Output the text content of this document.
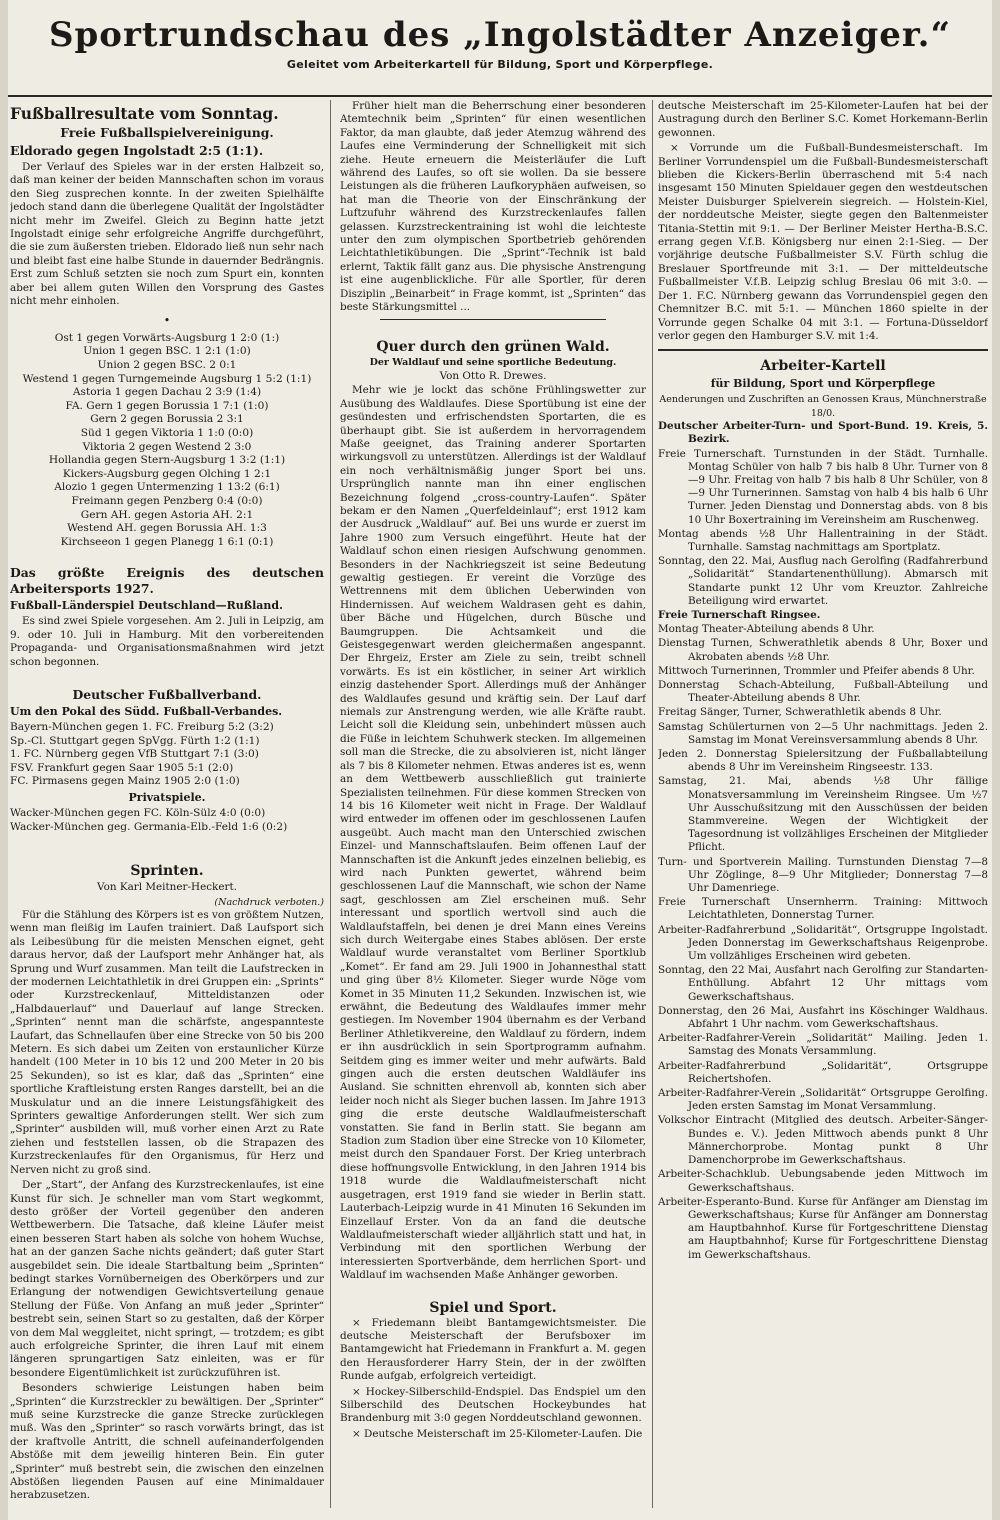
Sportrundschau des „Ingolstädter Anzeiger.“
Geleitet vom Arbeiterkartell für Bildung, Sport und Körperpflege.
Fußballresultate vom Sonntag.
Freie Fußballspielvereinigung.
Eldorado gegen Ingolstadt 2:5 (1:1).

Der Verlauf des Spieles war in der ersten Halbzeit so, daß man keiner der beiden Mannschaften schon im voraus den Sieg zusprechen konnte. In der zweiten Spielhälfte jedoch stand dann die überlegene Qualität der Ingolstädter nicht mehr im Zweifel. Gleich zu Beginn hatte jetzt Ingolstadt einige sehr erfolgreiche Angriffe durchgeführt, die sie zum äußersten trieben. Eldorado ließ nun sehr nach und bleibt fast eine halbe Stunde in dauernder Bedrängnis. Erst zum Schluß setzten sie noch zum Spurt ein, konnten aber bei allem guten Willen den Vorsprung des Gastes nicht mehr einholen.

•

Ost 1 gegen Vorwärts-Augsburg 1 2:0 (1:)

Union 1 gegen BSC. 1 2:1 (1:0)

Union 2 gegen BSC. 2 0:1

Westend 1 gegen Turngemeinde Augsburg 1 5:2 (1:1)

Astoria 1 gegen Dachau 2 3:9 (1:4)

FA. Gern 1 gegen Borussia 1 7:1 (1:0)

Gern 2 gegen Borussia 2 3:1

Süd 1 gegen Viktoria 1 1:0 (0:0)

Viktoria 2 gegen Westend 2 3:0

Hollandia gegen Stern-Augsburg 1 3:2 (1:1)

Kickers-Augsburg gegen Olching 1 2:1

Alozio 1 gegen Untermenzing 1 13:2 (6:1)

Freimann gegen Penzberg 0:4 (0:0)

Gern AH. gegen Astoria AH. 2:1

Westend AH. gegen Borussia AH. 1:3

Kirchseeon 1 gegen Planegg 1 6:1 (0:1)

Das größte Ereignis des deutschen Arbeitersports 1927.
Fußball-Länderspiel Deutschland—Rußland.

Es sind zwei Spiele vorgesehen. Am 2. Juli in Leipzig, am 9. oder 10. Juli in Hamburg. Mit den vorbereitenden Propaganda- und Organisationsmaßnahmen wird jetzt schon begonnen.

Deutscher Fußballverband.
Um den Pokal des Südd. Fußball-Verbandes.

Bayern-München gegen 1. FC. Freiburg 5:2 (3:2)

Sp.-Cl. Stuttgart gegen SpVgg. Fürth 1:2 (1:1)

1. FC. Nürnberg gegen VfB Stuttgart 7:1 (3:0)

FSV. Frankfurt gegen Saar 1905 5:1 (2:0)

FC. Pirmasens gegen Mainz 1905 2:0 (1:0)

Privatspiele.

Wacker-München gegen FC. Köln-Sülz 4:0 (0:0)

Wacker-München geg. Germania-Elb.-Feld 1:6 (0:2)

Sprinten.
Von Karl Meitner-Heckert.
(Nachdruck verboten.)

Für die Stählung des Körpers ist es von größtem Nutzen, wenn man fleißig im Laufen trainiert. Daß Laufsport sich als Leibesübung für die meisten Menschen eignet, geht daraus hervor, daß der Laufsport mehr Anhänger hat, als Sprung und Wurf zusammen. Man teilt die Laufstrecken in der modernen Leichtathletik in drei Gruppen ein: „Sprints“ oder Kurzstreckenlauf, Mitteldistanzen oder „Halbdauerlauf“ und Dauerlauf auf lange Strecken. „Sprinten“ nennt man die schärfste, angespannteste Laufart, das Schnellaufen über eine Strecke von 50 bis 200 Metern. Es sich dabei um Zeiten von erstaunlicher Kürze handelt (100 Meter in 10 bis 12 und 200 Meter in 20 bis 25 Sekunden), so ist es klar, daß das „Sprinten“ eine sportliche Kraftleistung ersten Ranges darstellt, bei an die Muskulatur und an die innere Leistungsfähigkeit des Sprinters gewaltige Anforderungen stellt. Wer sich zum „Sprinter“ ausbilden will, muß vorher einen Arzt zu Rate ziehen und feststellen lassen, ob die Strapazen des Kurzstreckenlaufes für den Organismus, für Herz und Nerven nicht zu groß sind.

Der „Start“, der Anfang des Kurzstreckenlaufes, ist eine Kunst für sich. Je schneller man vom Start wegkommt, desto größer der Vorteil gegenüber den anderen Wettbewerbern. Die Tatsache, daß kleine Läufer meist einen besseren Start haben als solche von hohem Wuchse, hat an der ganzen Sache nichts geändert; daß guter Start ausgebildet sein. Die ideale Startbaltung beim „Sprinten“ bedingt starkes Vornüberneigen des Oberkörpers und zur Erlangung der notwendigen Gewichtsverteilung genaue Stellung der Füße. Von Anfang an muß jeder „Sprinter“ bestrebt sein, seinen Start so zu gestalten, daß der Körper von dem Mal weggleitet, nicht springt, — trotzdem; es gibt auch erfolgreiche Sprinter, die ihren Lauf mit einem längeren sprungartigen Satz einleiten, was er für besondere Eigentümlichkeit ist zurückzuführen ist.

Besonders schwierige Leistungen haben beim „Sprinten“ die Kurzstreckler zu bewältigen. Der „Sprinter“ muß seine Kurzstrecke die ganze Strecke zurücklegen muß. Was den „Sprinter“ so rasch vorwärts bringt, das ist der kraftvolle Antritt, die schnell aufeinanderfolgenden Abstöße mit dem jeweilig hinteren Bein. Ein guter „Sprinter“ muß bestrebt sein, die zwischen den einzelnen Abstößen liegenden Pausen auf eine Minimaldauer herabzusetzen.

Früher hielt man die Beherrschung einer besonderen Atemtechnik beim „Sprinten“ für einen wesentlichen Faktor, da man glaubte, daß jeder Atemzug während des Laufes eine Verminderung der Schnelligkeit mit sich ziehe. Heute erneuern die Meisterläufer die Luft während des Laufes, so oft sie wollen. Da sie bessere Leistungen als die früheren Laufkoryphäen aufweisen, so hat man die Theorie von der Einschränkung der Luftzufuhr während des Kurzstreckenlaufes fallen gelassen. Kurzstreckentraining ist wohl die leichteste unter den zum olympischen Sportbetrieb gehörenden Leichtathletikübungen. Die „Sprint“-Technik ist bald erlernt, Taktik fällt ganz aus. Die physische Anstrengung ist eine augenblickliche. Für alle Sportler, für deren Disziplin „Beinarbeit“ in Frage kommt, ist „Sprinten“ das beste Stärkungsmittel ...

Quer durch den grünen Wald.
Der Waldlauf und seine sportliche Bedeutung.
Von Otto R. Drewes.

Mehr wie je lockt das schöne Frühlingswetter zur Ausübung des Waldlaufes. Diese Sportübung ist eine der gesündesten und erfrischendsten Sportarten, die es überhaupt gibt. Sie ist außerdem in hervorragendem Maße geeignet, das Training anderer Sportarten wirkungsvoll zu unterstützen. Allerdings ist der Waldlauf ein noch verhältnismäßig junger Sport bei uns. Ursprünglich nannte man ihn einer englischen Bezeichnung folgend „cross-country-Laufen“. Später bekam er den Namen „Querfeldeinlauf“; erst 1912 kam der Ausdruck „Waldlauf“ auf. Bei uns wurde er zuerst im Jahre 1900 zum Versuch eingeführt. Heute hat der Waldlauf schon einen riesigen Aufschwung genommen. Besonders in der Nachkriegszeit ist seine Bedeutung gewaltig gestiegen. Er vereint die Vorzüge des Wettrennens mit dem üblichen Ueberwinden von Hindernissen. Auf weichem Waldrasen geht es dahin, über Bäche und Hügelchen, durch Büsche und Baumgruppen. Die Achtsamkeit und die Geistesgegenwart werden gleichermaßen angespannt. Der Ehrgeiz, Erster am Ziele zu sein, treibt schnell vorwärts. Es ist ein köstlicher, in seiner Art wirklich einzig dastehender Sport. Allerdings muß der Anhänger des Waldlaufes gesund und kräftig sein. Der Lauf darf niemals zur Anstrengung werden, wie alle Kräfte raubt. Leicht soll die Kleidung sein, unbehindert müssen auch die Füße in leichtem Schuhwerk stecken. Im allgemeinen soll man die Strecke, die zu absolvieren ist, nicht länger als 7 bis 8 Kilometer nehmen. Etwas anderes ist es, wenn an dem Wettbewerb ausschließlich gut trainierte Spezialisten teilnehmen. Für diese kommen Strecken von 14 bis 16 Kilometer weit nicht in Frage. Der Waldlauf wird entweder im offenen oder im geschlossenen Laufen ausgeübt. Auch macht man den Unterschied zwischen Einzel- und Mannschaftslaufen. Beim offenen Lauf der Mannschaften ist die Ankunft jedes einzelnen beliebig, es wird nach Punkten gewertet, während beim geschlossenen Lauf die Mannschaft, wie schon der Name sagt, geschlossen am Ziel erscheinen muß. Sehr interessant und sportlich wertvoll sind auch die Waldlaufstaffeln, bei denen je drei Mann eines Vereins sich durch Weitergabe eines Stabes ablösen. Der erste Waldlauf wurde veranstaltet vom Berliner Sportklub „Komet“. Er fand am 29. Juli 1900 in Johannesthal statt und ging über 8½ Kilometer. Sieger wurde Nöge vom Komet in 35 Minuten 11,2 Sekunden. Inzwischen ist, wie erwähnt, die Bedeutung des Waldlaufes immer mehr gestiegen. Im November 1904 übernahm es der Verband Berliner Athletikvereine, den Waldlauf zu fördern, indem er ihn ausdrücklich in sein Sportprogramm aufnahm. Seitdem ging es immer weiter und mehr aufwärts. Bald gingen auch die ersten deutschen Waldläufer ins Ausland. Sie schnitten ehrenvoll ab, konnten sich aber leider noch nicht als Sieger buchen lassen. Im Jahre 1913 ging die erste deutsche Waldlaufmeisterschaft vonstatten. Sie fand in Berlin statt. Sie begann am Stadion zum Stadion über eine Strecke von 10 Kilometer, meist durch den Spandauer Forst. Der Krieg unterbrach diese hoffnungsvolle Entwicklung, in den Jahren 1914 bis 1918 wurde die Waldlaufmeisterschaft nicht ausgetragen, erst 1919 fand sie wieder in Berlin statt. Lauterbach-Leipzig wurde in 41 Minuten 16 Sekunden im Einzellauf Erster. Von da an fand die deutsche Waldlaufmeisterschaft wieder alljährlich statt und hat, in Verbindung mit den sportlichen Werbung der interessierten Sportverbände, dem herrlichen Sport- und Waldlauf im wachsenden Maße Anhänger geworben.

Spiel und Sport.

× Friedemann bleibt Bantamgewichtsmeister. Die deutsche Meisterschaft der Berufsboxer im Bantamgewicht hat Friedemann in Frankfurt a. M. gegen den Herausforderer Harry Stein, der in der zwölften Runde aufgab, erfolgreich verteidigt.

× Hockey-Silberschild-Endspiel. Das Endspiel um den Silberschild des Deutschen Hockeybundes hat Brandenburg mit 3:0 gegen Norddeutschland gewonnen.

× Deutsche Meisterschaft im 25-Kilometer-Laufen. Die

deutsche Meisterschaft im 25-Kilometer-Laufen hat bei der Austragung durch den Berliner S.C. Komet Horkemann-Berlin gewonnen.

× Vorrunde um die Fußball-Bundesmeisterschaft. Im Berliner Vorrundenspiel um die Fußball-Bundesmeisterschaft blieben die Kickers-Berlin überraschend mit 5:4 nach insgesamt 150 Minuten Spieldauer gegen den westdeutschen Meister Duisburger Spielverein siegreich. — Holstein-Kiel, der norddeutsche Meister, siegte gegen den Baltenmeister Titania-Stettin mit 9:1. — Der Berliner Meister Hertha-B.S.C. errang gegen V.f.B. Königsberg nur einen 2:1-Sieg. — Der vorjährige deutsche Fußballmeister S.V. Fürth schlug die Breslauer Sportfreunde mit 3:1. — Der mitteldeutsche Fußballmeister V.f.B. Leipzig schlug Breslau 06 mit 3:0. — Der 1. F.C. Nürnberg gewann das Vorrundenspiel gegen den Chemnitzer B.C. mit 5:1. — München 1860 spielte in der Vorrunde gegen Schalke 04 mit 3:1. — Fortuna-Düsseldorf verlor gegen den Hamburger S.V. mit 1:4.

Arbeiter-Kartell
für Bildung, Sport und Körperpflege
Aenderungen und Zuschriften an Genossen Kraus, Münchnerstraße 18/0.

Deutscher Arbeiter-Turn- und Sport-Bund. 19. Kreis, 5. Bezirk.

Freie Turnerschaft. Turnstunden in der Städt. Turnhalle. Montag Schüler von halb 7 bis halb 8 Uhr. Turner von 8—9 Uhr. Freitag von halb 7 bis halb 8 Uhr Schüler, von 8—9 Uhr Turnerinnen. Samstag von halb 4 bis halb 6 Uhr Turner. Jeden Dienstag und Donnerstag abds. von 8 bis 10 Uhr Boxertraining im Vereinsheim am Ruschenweg.

Montag abends ½8 Uhr Hallentraining in der Städt. Turnhalle. Samstag nachmittags am Sportplatz.

Sonntag, den 22. Mai, Ausflug nach Gerolfing (Radfahrerbund „Solidarität“ Standartenenthüllung). Abmarsch mit Standarte punkt 12 Uhr vom Kreuztor. Zahlreiche Beteiligung wird erwartet.

Freie Turnerschaft Ringsee.

Montag Theater-Abteilung abends 8 Uhr.

Dienstag Turnen, Schwerathletik abends 8 Uhr, Boxer und Akrobaten abends ½8 Uhr.

Mittwoch Turnerinnen, Trommler und Pfeifer abends 8 Uhr.

Donnerstag Schach-Abteilung, Fußball-Abteilung und Theater-Abteilung abends 8 Uhr.

Freitag Sänger, Turner, Schwerathletik abends 8 Uhr.

Samstag Schülerturnen von 2—5 Uhr nachmittags. Jeden 2. Samstag im Monat Vereinsversammlung abends 8 Uhr.

Jeden 2. Donnerstag Spielersitzung der Fußballabteilung abends 8 Uhr im Vereinsheim Ringseestr. 133.

Samstag, 21. Mai, abends ½8 Uhr fällige Monatsversammlung im Vereinsheim Ringsee. Um ½7 Uhr Ausschußsitzung mit den Ausschüssen der beiden Stammvereine. Wegen der Wichtigkeit der Tagesordnung ist vollzähliges Erscheinen der Mitglieder Pflicht.

Turn- und Sportverein Mailing. Turnstunden Dienstag 7—8 Uhr Zöglinge, 8—9 Uhr Mitglieder; Donnerstag 7—8 Uhr Damenriege.

Freie Turnerschaft Unsernherrn. Training: Mittwoch Leichtathleten, Donnerstag Turner.

Arbeiter-Radfahrerbund „Solidarität“, Ortsgruppe Ingolstadt. Jeden Donnerstag im Gewerkschaftshaus Reigenprobe. Um vollzähliges Erscheinen wird gebeten.

Sonntag, den 22 Mai, Ausfahrt nach Gerolfing zur Standarten-Enthüllung. Abfahrt 12 Uhr mittags vom Gewerkschaftshaus.

Donnerstag, den 26 Mai, Ausfahrt ins Köschinger Waldhaus. Abfahrt 1 Uhr nachm. vom Gewerkschaftshaus.

Arbeiter-Radfahrer-Verein „Solidarität“ Mailing. Jeden 1. Samstag des Monats Versammlung.

Arbeiter-Radfahrerbund „Solidarität“, Ortsgruppe Reichertshofen.

Arbeiter-Radfahrer-Verein „Solidarität“ Ortsgruppe Gerolfing. Jeden ersten Samstag im Monat Versammlung.

Volkschor Eintracht (Mitglied des deutsch. Arbeiter-Sänger-Bundes e. V.). Jeden Mittwoch abends punkt 8 Uhr Männerchorprobe. Montag punkt 8 Uhr Damenchorprobe im Gewerkschaftshaus.

Arbeiter-Schachklub. Uebungsabende jeden Mittwoch im Gewerkschaftshaus.

Arbeiter-Esperanto-Bund. Kurse für Anfänger am Dienstag im Gewerkschaftshaus; Kurse für Anfänger am Donnerstag am Hauptbahnhof. Kurse für Fortgeschrittene Dienstag am Hauptbahnhof; Kurse für Fortgeschrittene Dienstag im Gewerkschaftshaus.
